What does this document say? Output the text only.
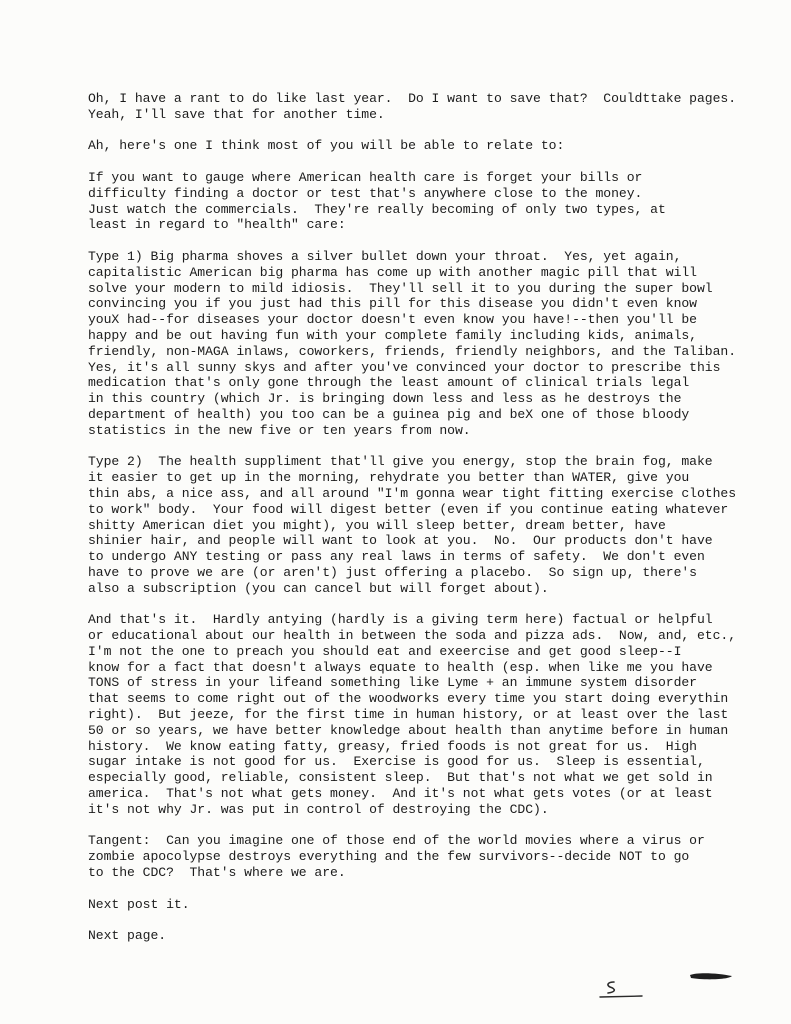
Oh, I have a rant to do like last year.  Do I want to save that?  Couldttake pages.
Yeah, I'll save that for another time.
Ah, here's one I think most of you will be able to relate to:
If you want to gauge where American health care is forget your bills or
difficulty finding a doctor or test that's anywhere close to the money.
Just watch the commercials.  They're really becoming of only two types, at
least in regard to "health" care:
Type 1) Big pharma shoves a silver bullet down your throat.  Yes, yet again,
capitalistic American big pharma has come up with another magic pill that will
solve your modern to mild idiosis.  They'll sell it to you during the super bowl
convincing you if you just had this pill for this disease you didn't even know
youX had--for diseases your doctor doesn't even know you have!--then you'll be
happy and be out having fun with your complete family including kids, animals,
friendly, non-MAGA inlaws, coworkers, friends, friendly neighbors, and the Taliban.
Yes, it's all sunny skys and after you've convinced your doctor to prescribe this
medication that's only gone through the least amount of clinical trials legal
in this country (which Jr. is bringing down less and less as he destroys the
department of health) you too can be a guinea pig and beX one of those bloody
statistics in the new five or ten years from now.
Type 2)  The health suppliment that'll give you energy, stop the brain fog, make
it easier to get up in the morning, rehydrate you better than WATER, give you
thin abs, a nice ass, and all around "I'm gonna wear tight fitting exercise clothes
to work" body.  Your food will digest better (even if you continue eating whatever
shitty American diet you might), you will sleep better, dream better, have
shinier hair, and people will want to look at you.  No.  Our products don't have
to undergo ANY testing or pass any real laws in terms of safety.  We don't even
have to prove we are (or aren't) just offering a placebo.  So sign up, there's
also a subscription (you can cancel but will forget about).
And that's it.  Hardly antying (hardly is a giving term here) factual or helpful
or educational about our health in between the soda and pizza ads.  Now, and, etc.,
I'm not the one to preach you should eat and exeercise and get good sleep--I
know for a fact that doesn't always equate to health (esp. when like me you have
TONS of stress in your lifeand something like Lyme + an immune system disorder
that seems to come right out of the woodworks every time you start doing everythin
right).  But jeeze, for the first time in human history, or at least over the last
50 or so years, we have better knowledge about health than anytime before in human
history.  We know eating fatty, greasy, fried foods is not great for us.  High
sugar intake is not good for us.  Exercise is good for us.  Sleep is essential,
especially good, reliable, consistent sleep.  But that's not what we get sold in
america.  That's not what gets money.  And it's not what gets votes (or at least
it's not why Jr. was put in control of destroying the CDC).
Tangent:  Can you imagine one of those end of the world movies where a virus or
zombie apocolypse destroys everything and the few survivors--decide NOT to go
to the CDC?  That's where we are.
Next post it.
Next page.
